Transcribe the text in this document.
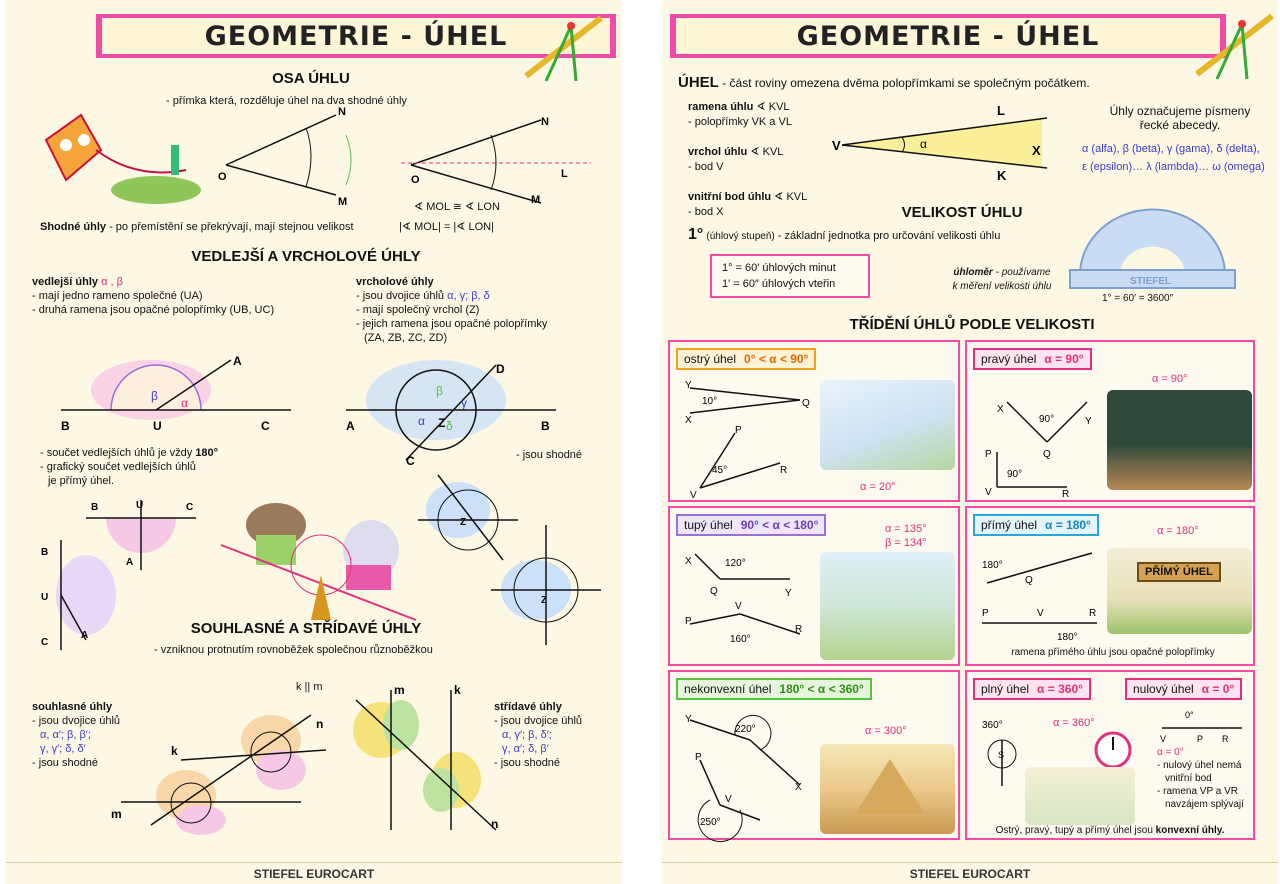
GEOMETRIE - ÚHEL
OSA ÚHLU
- přímka která, rozděluje úhel na dva shodné úhly
O
N
M
O
N
L
M
∢ MOL ≅ ∢ LON
Shodné úhly - po přemístění se překrývají, mají stejnou velikost	|∢ MOL| = |∢ LON|
VEDLEJŠÍ A VRCHOLOVÉ ÚHLY
vedlejší úhly α , β
- mají jedno rameno společné (UA)
- druhá ramena jsou opačné polopřímky (UB, UC)
vrcholové úhly
- jsou dvojice úhlů α, γ; β, δ
- mají společný vrchol (Z)
- jejich ramena jsou opačné polopřímky
(ZA, ZB, ZC, ZD)
β α
A
B	U	C
β
γ
α δ
Z
A	B
D
C
- součet vedlejších úhlů je vždy 180°
- grafický součet vedlejších úhlů
je přímý úhel.
- jsou shodné
B	U	C
A
B
U
C
A
Z
Z
SOUHLASNÉ A STŘÍDAVÉ ÚHLY
- vzniknou protnutím rovnoběžek společnou různoběžkou
k || m
souhlasné úhly
- jsou dvojice úhlů
α, α′; β, β′;
γ, γ′; δ, δ′
- jsou shodné
k
m
n
m	k
n
střídavé úhly
- jsou dvojice úhlů
α, γ′; β, δ′;
γ, α′; δ, β′
- jsou shodné
STIEFEL EUROCART
GEOMETRIE - ÚHEL
ÚHEL - část roviny omezena dvěma polopřímkami se společným počátkem.
ramena úhlu ∢ KVL
- polopřímky VK a VL

vrchol úhlu ∢ KVL
- bod V

vnitřní bod úhlu ∢ KVL
- bod X
V
L
K
X
α
Úhly označujeme písmeny
řecké abecedy.
α (alfa), β (beta), γ (gama), δ (delta),
ε (epsilon)… λ (lambda)… ω (omega)
VELIKOST ÚHLU
1° (úhlový stupeň) - základní jednotka pro určování velikosti úhlu
1° = 60′ úhlových minut
1′ = 60″ úhlových vteřin
úhloměr - používame
k měření velikosti úhlu	STIEFEL
1° = 60′ = 3600″
TŘÍDĚNÍ ÚHLŮ PODLE VELIKOSTI
ostrý úhel 0° < α < 90°
10°
45°
Y
X
Q
P
R
V
α = 20°
pravý úhel α = 90°
90°
90°
X
Y
Q
P
V	R
α = 90°
tupý úhel 90° < α < 180°
120°
160°
X
Q	Y
P
V
R
α = 135°
β = 134°
přímý úhel α = 180°
180°
Q
P	V	R
180°
α = 180°
PŘÍMÝ ÚHEL
ramena přímého úhlu jsou opačné polopřímky
nekonvexní úhel 180° < α < 360°
220°
250°
Y
X
P
V
α = 300°
plný úhel α = 360°	nulový úhel α = 0°
360°
S
α = 360°
0°
V	P R
α = 0°
- nulový úhel nemá
vnitřní bod
- ramena VP a VR
navzájem splývají
Ostrý, pravý, tupý a přímý úhel jsou konvexní úhly.
STIEFEL EUROCART
